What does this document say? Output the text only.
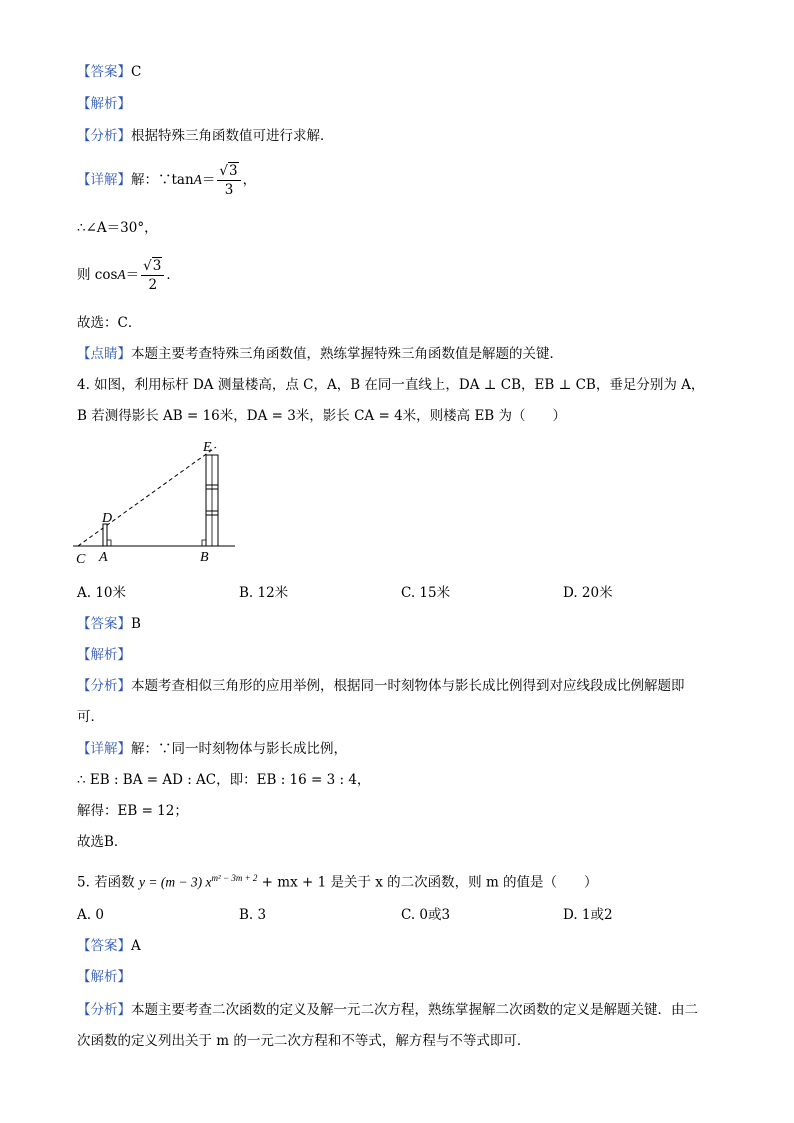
【答案】C
【解析】
【分析】根据特殊三角函数值可进行求解．
【详解】解：∵tanA＝ $\frac{√3}{3}$ ，
∴∠A＝30°，
则 $\cos A= \frac{√3}{2}$ ．
故选：C．
【点睛】本题主要考查特殊三角函数值，熟练掌握特殊三角函数值是解题的关键．
4. 如图，利用标杆 DA 测量楼高，点 C，A，B 在同一直线上，DA ⊥ CB，EB ⊥ CB，垂足分别为 A，
B 若测得影长 AB = 16米，DA = 3米，影长 CA = 4米，则楼高 EB 为（　　）
E
D
C A	B
A. 10米	B. 12米	C. 15米	D. 20米
【答案】B
【解析】
【分析】本题考查相似三角形的应用举例，根据同一时刻物体与影长成比例得到对应线段成比例解题即
可．
【详解】解：∵同一时刻物体与影长成比例，
∴ EB : BA = AD : AC，即：EB : 16 = 3 : 4，
解得：EB = 12；
故选B．
5. 若函数 y = (m − 3) $x^{m^2 - 3m + 2}$ + mx + 1 是关于 x 的二次函数，则 m 的值是（　　）
A. 0	B. 3	C. 0或3	D. 1或2
【答案】A
【解析】
【分析】本题主要考查二次函数的定义及解一元二次方程，熟练掌握解二次函数的定义是解题关键．由二
次函数的定义列出关于 m 的一元二次方程和不等式，解方程与不等式即可．
